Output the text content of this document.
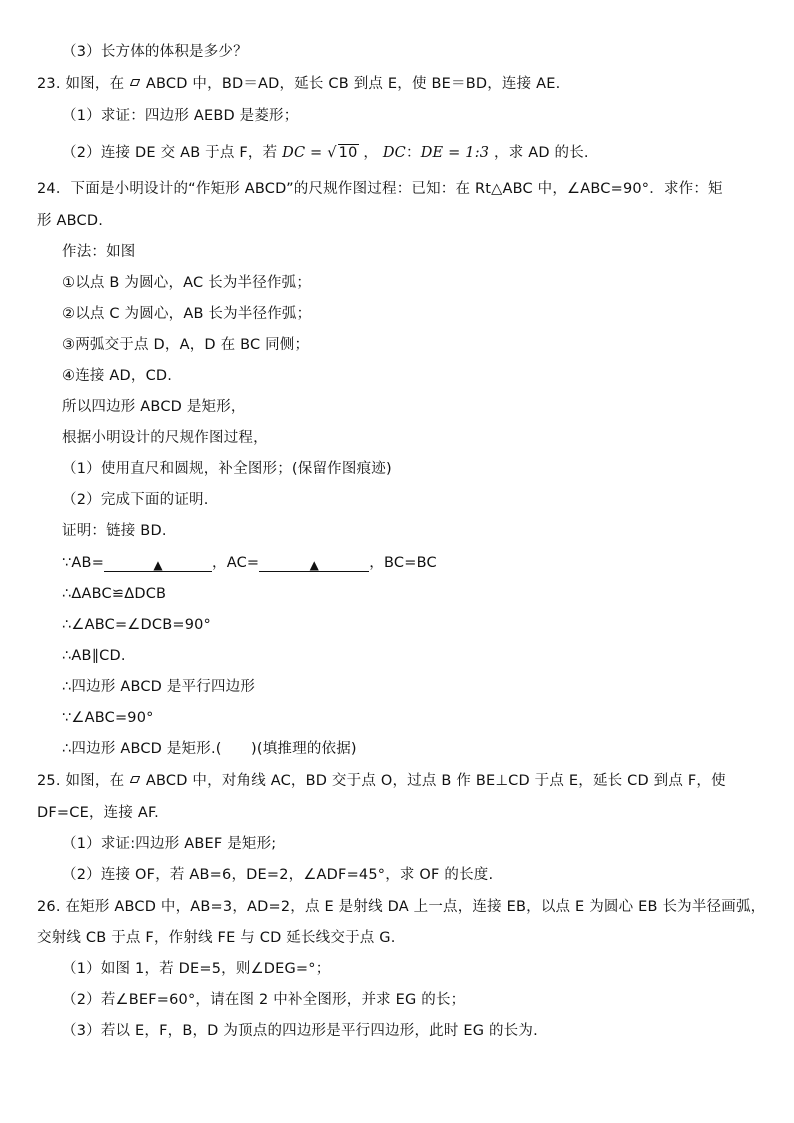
（3）长方体的体积是多少？
23. 如图，在 ABCD 中，BD＝AD，延长 CB 到点 E，使 BE＝BD，连接 AE.
（1）求证：四边形 AEBD 是菱形；
（2）连接 DE 交 AB 于点 F，若 DC = √ 10 ， DC：DE = 1:3 ，求 AD 的长.
24．下面是小明设计的“作矩形 ABCD”的尺规作图过程：已知：在 Rt△ABC 中，∠ABC=90°．求作：矩
形 ABCD.
作法：如图
①以点 B 为圆心，AC 长为半径作弧；
②以点 C 为圆心，AB 长为半径作弧；
③两弧交于点 D，A，D 在 BC 同侧；
④连接 AD，CD.
所以四边形 ABCD 是矩形，
根据小明设计的尺规作图过程，
（1）使用直尺和圆规，补全图形；(保留作图痕迹)
（2）完成下面的证明.
证明：链接 BD.
∵AB=	▲	，AC=	▲	，BC=BC
∴ΔABC≌ΔDCB
∴∠ABC=∠DCB=90°
∴AB∥CD.
∴四边形 ABCD 是平行四边形
∵∠ABC=90°
∴四边形 ABCD 是矩形.(　　)(填推理的依据)
25. 如图，在 ABCD 中，对角线 AC，BD 交于点 O，过点 B 作 BE⊥CD 于点 E，延长 CD 到点 F，使
DF=CE，连接 AF.
（1）求证:四边形 ABEF 是矩形;
（2）连接 OF，若 AB=6，DE=2，∠ADF=45°，求 OF 的长度.
26. 在矩形 ABCD 中，AB=3，AD=2，点 E 是射线 DA 上一点，连接 EB，以点 E 为圆心 EB 长为半径画弧，
交射线 CB 于点 F，作射线 FE 与 CD 延长线交于点 G.
（1）如图 1，若 DE=5，则∠DEG=°；
（2）若∠BEF=60°，请在图 2 中补全图形，并求 EG 的长；
（3）若以 E，F，B，D 为顶点的四边形是平行四边形，此时 EG 的长为.
